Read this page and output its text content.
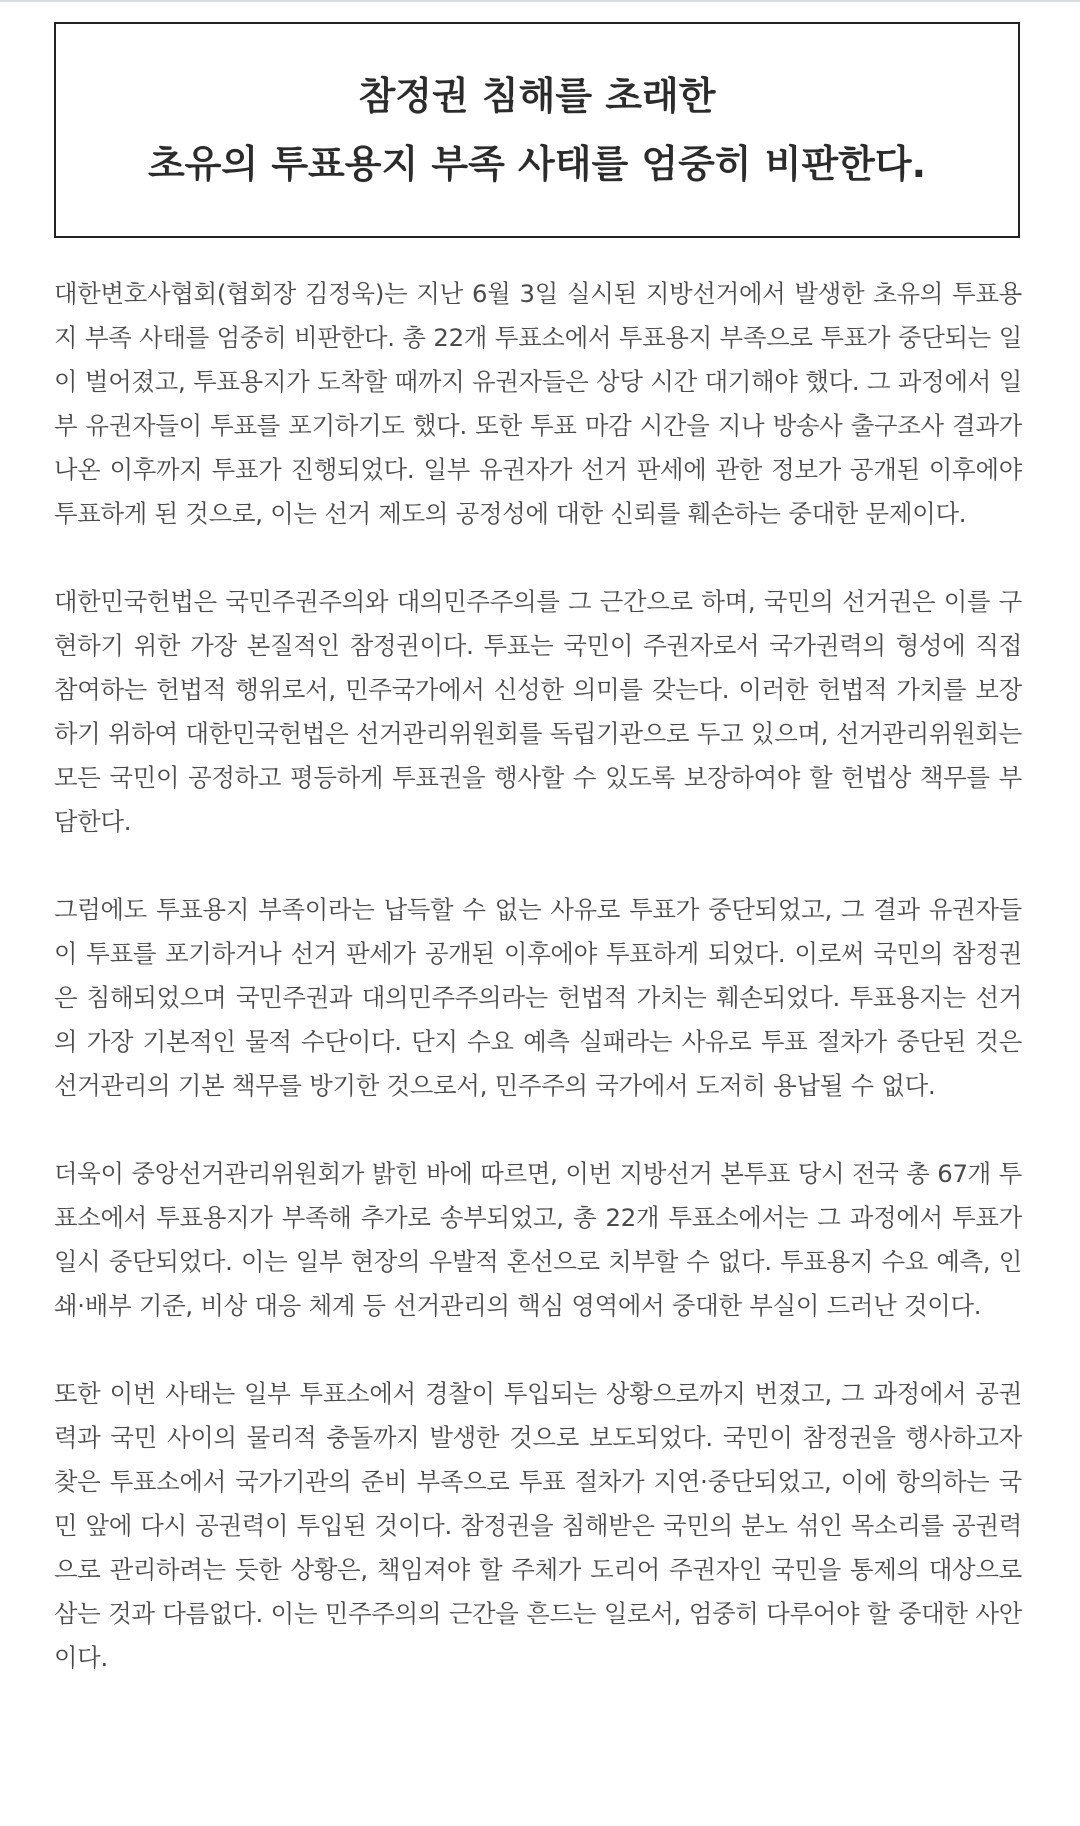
참정권 침해를 초래한
초유의 투표용지 부족 사태를 엄중히 비판한다.

대한변호사협회(협회장 김정욱)는 지난 6월 3일 실시된 지방선거에서 발생한 초유의 투표용지 부족 사태를 엄중히 비판한다. 총 22개 투표소에서 투표용지 부족으로 투표가 중단되는 일이 벌어졌고, 투표용지가 도착할 때까지 유권자들은 상당 시간 대기해야 했다. 그 과정에서 일부 유권자들이 투표를 포기하기도 했다. 또한 투표 마감 시간을 지나 방송사 출구조사 결과가 나온 이후까지 투표가 진행되었다. 일부 유권자가 선거 판세에 관한 정보가 공개된 이후에야 투표하게 된 것으로, 이는 선거 제도의 공정성에 대한 신뢰를 훼손하는 중대한 문제이다.

대한민국헌법은 국민주권주의와 대의민주주의를 그 근간으로 하며, 국민의 선거권은 이를 구현하기 위한 가장 본질적인 참정권이다. 투표는 국민이 주권자로서 국가권력의 형성에 직접 참여하는 헌법적 행위로서, 민주국가에서 신성한 의미를 갖는다. 이러한 헌법적 가치를 보장하기 위하여 대한민국헌법은 선거관리위원회를 독립기관으로 두고 있으며, 선거관리위원회는 모든 국민이 공정하고 평등하게 투표권을 행사할 수 있도록 보장하여야 할 헌법상 책무를 부담한다.

그럼에도 투표용지 부족이라는 납득할 수 없는 사유로 투표가 중단되었고, 그 결과 유권자들이 투표를 포기하거나 선거 판세가 공개된 이후에야 투표하게 되었다. 이로써 국민의 참정권은 침해되었으며 국민주권과 대의민주주의라는 헌법적 가치는 훼손되었다. 투표용지는 선거의 가장 기본적인 물적 수단이다. 단지 수요 예측 실패라는 사유로 투표 절차가 중단된 것은 선거관리의 기본 책무를 방기한 것으로서, 민주주의 국가에서 도저히 용납될 수 없다.

더욱이 중앙선거관리위원회가 밝힌 바에 따르면, 이번 지방선거 본투표 당시 전국 총 67개 투표소에서 투표용지가 부족해 추가로 송부되었고, 총 22개 투표소에서는 그 과정에서 투표가 일시 중단되었다. 이는 일부 현장의 우발적 혼선으로 치부할 수 없다. 투표용지 수요 예측, 인쇄·배부 기준, 비상 대응 체계 등 선거관리의 핵심 영역에서 중대한 부실이 드러난 것이다.

또한 이번 사태는 일부 투표소에서 경찰이 투입되는 상황으로까지 번졌고, 그 과정에서 공권력과 국민 사이의 물리적 충돌까지 발생한 것으로 보도되었다. 국민이 참정권을 행사하고자 찾은 투표소에서 국가기관의 준비 부족으로 투표 절차가 지연·중단되었고, 이에 항의하는 국민 앞에 다시 공권력이 투입된 것이다. 참정권을 침해받은 국민의 분노 섞인 목소리를 공권력으로 관리하려는 듯한 상황은, 책임져야 할 주체가 도리어 주권자인 국민을 통제의 대상으로 삼는 것과 다름없다. 이는 민주주의의 근간을 흔드는 일로서, 엄중히 다루어야 할 중대한 사안이다.
